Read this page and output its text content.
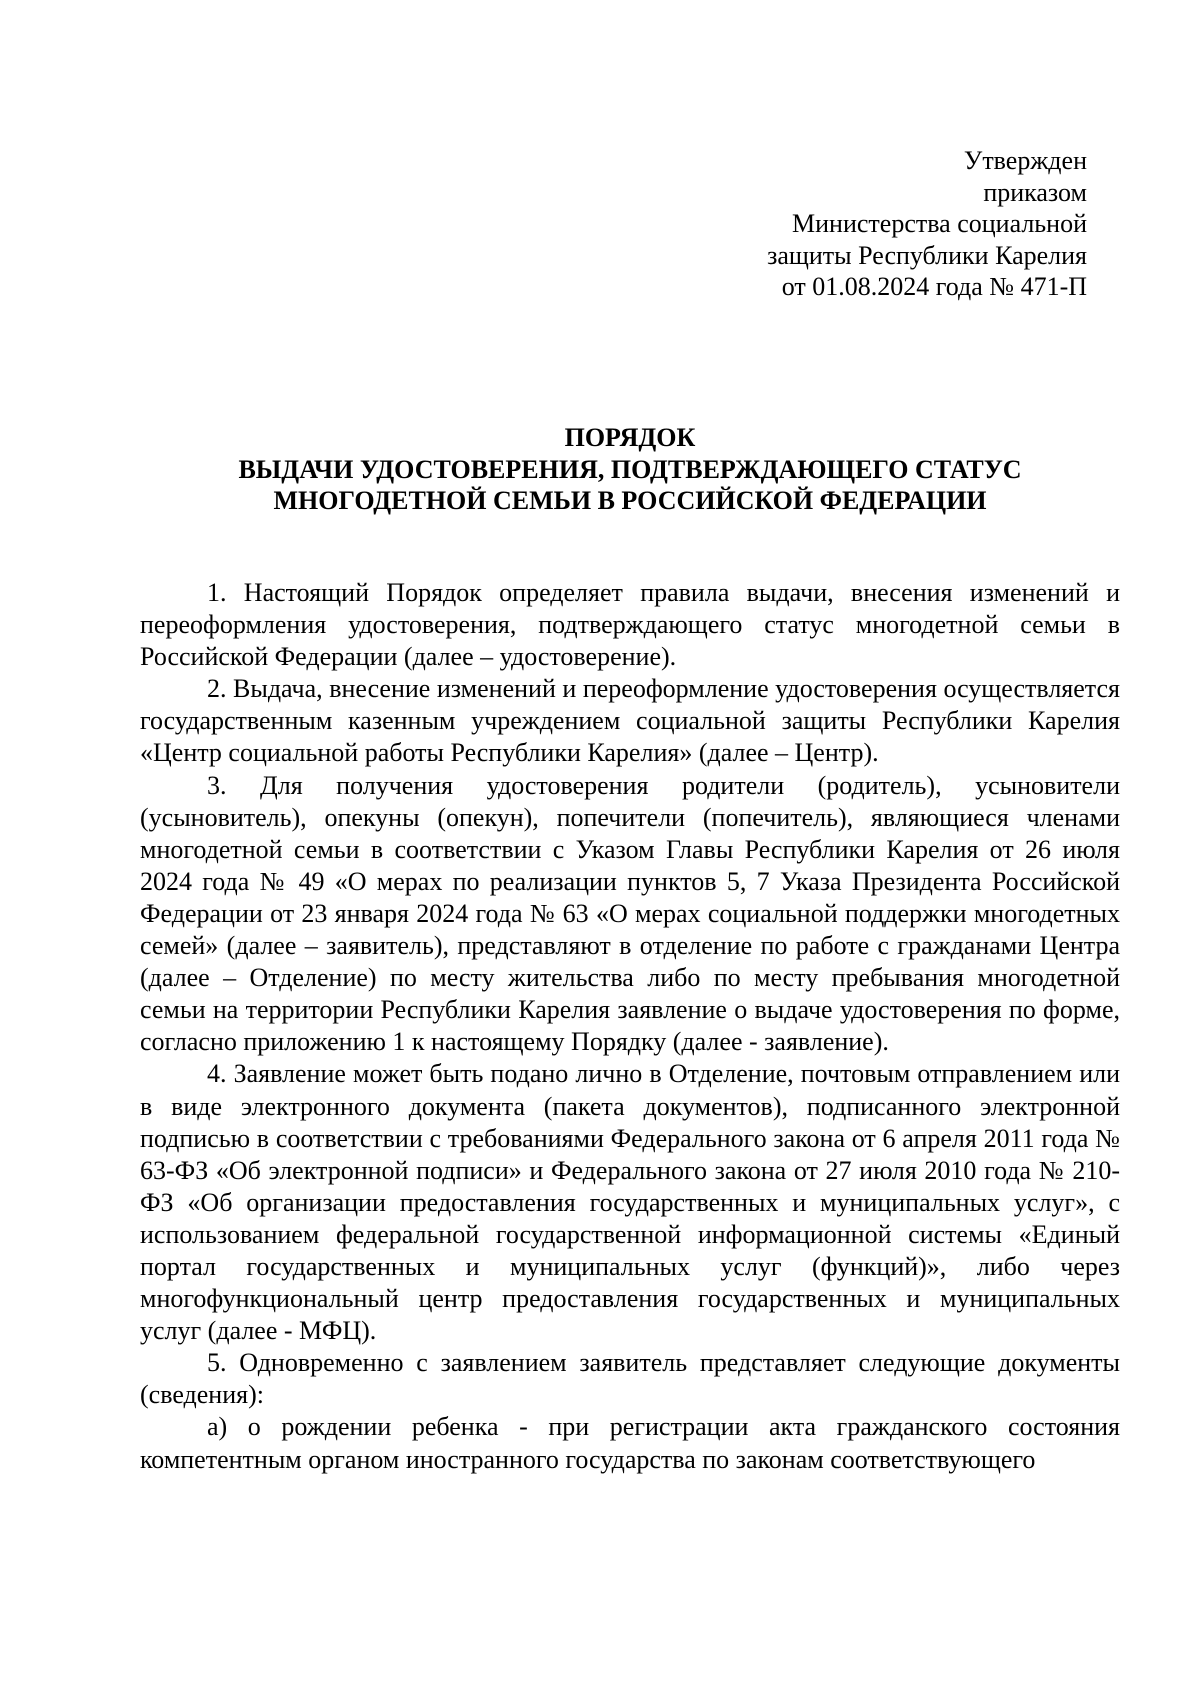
Утвержден
приказом
Министерства социальной
защиты Республики Карелия
от 01.08.2024 года № 471-П
ПОРЯДОК
ВЫДАЧИ УДОСТОВЕРЕНИЯ, ПОДТВЕРЖДАЮЩЕГО СТАТУС
МНОГОДЕТНОЙ СЕМЬИ В РОССИЙСКОЙ ФЕДЕРАЦИИ

1. Настоящий Порядок определяет правила выдачи, внесения изменений и переоформления удостоверения, подтверждающего статус многодетной семьи в Российской Федерации (далее – удостоверение).

2. Выдача, внесение изменений и переоформление удостоверения осуществляется государственным казенным учреждением социальной защиты Республики Карелия «Центр социальной работы Республики Карелия» (далее – Центр).

3. Для получения удостоверения родители (родитель), усыновители (усыновитель), опекуны (опекун), попечители (попечитель), являющиеся членами многодетной семьи в соответствии с Указом Главы Республики Карелия от 26 июля 2024 года № 49 «О мерах по реализации пунктов 5, 7 Указа Президента Российской Федерации от 23 января 2024 года № 63 «О мерах социальной поддержки многодетных семей» (далее – заявитель), представляют в отделение по работе с гражданами Центра (далее – Отделение) по месту жительства либо по месту пребывания многодетной семьи на территории Республики Карелия заявление о выдаче удостоверения по форме, согласно приложению 1 к настоящему Порядку (далее - заявление).

4. Заявление может быть подано лично в Отделение, почтовым отправлением или в виде электронного документа (пакета документов), подписанного электронной подписью в соответствии с требованиями Федерального закона от 6 апреля 2011 года № 63-ФЗ «Об электронной подписи» и Федерального закона от 27 июля 2010 года № 210-ФЗ «Об организации предоставления государственных и муниципальных услуг», с использованием федеральной государственной информационной системы «Единый портал государственных и муниципальных услуг (функций)», либо через многофункциональный центр предоставления государственных и муниципальных услуг (далее - МФЦ).

5. Одновременно с заявлением заявитель представляет следующие документы (сведения):

а) о рождении ребенка - при регистрации акта гражданского состояния компетентным органом иностранного государства по законам соответствующего
